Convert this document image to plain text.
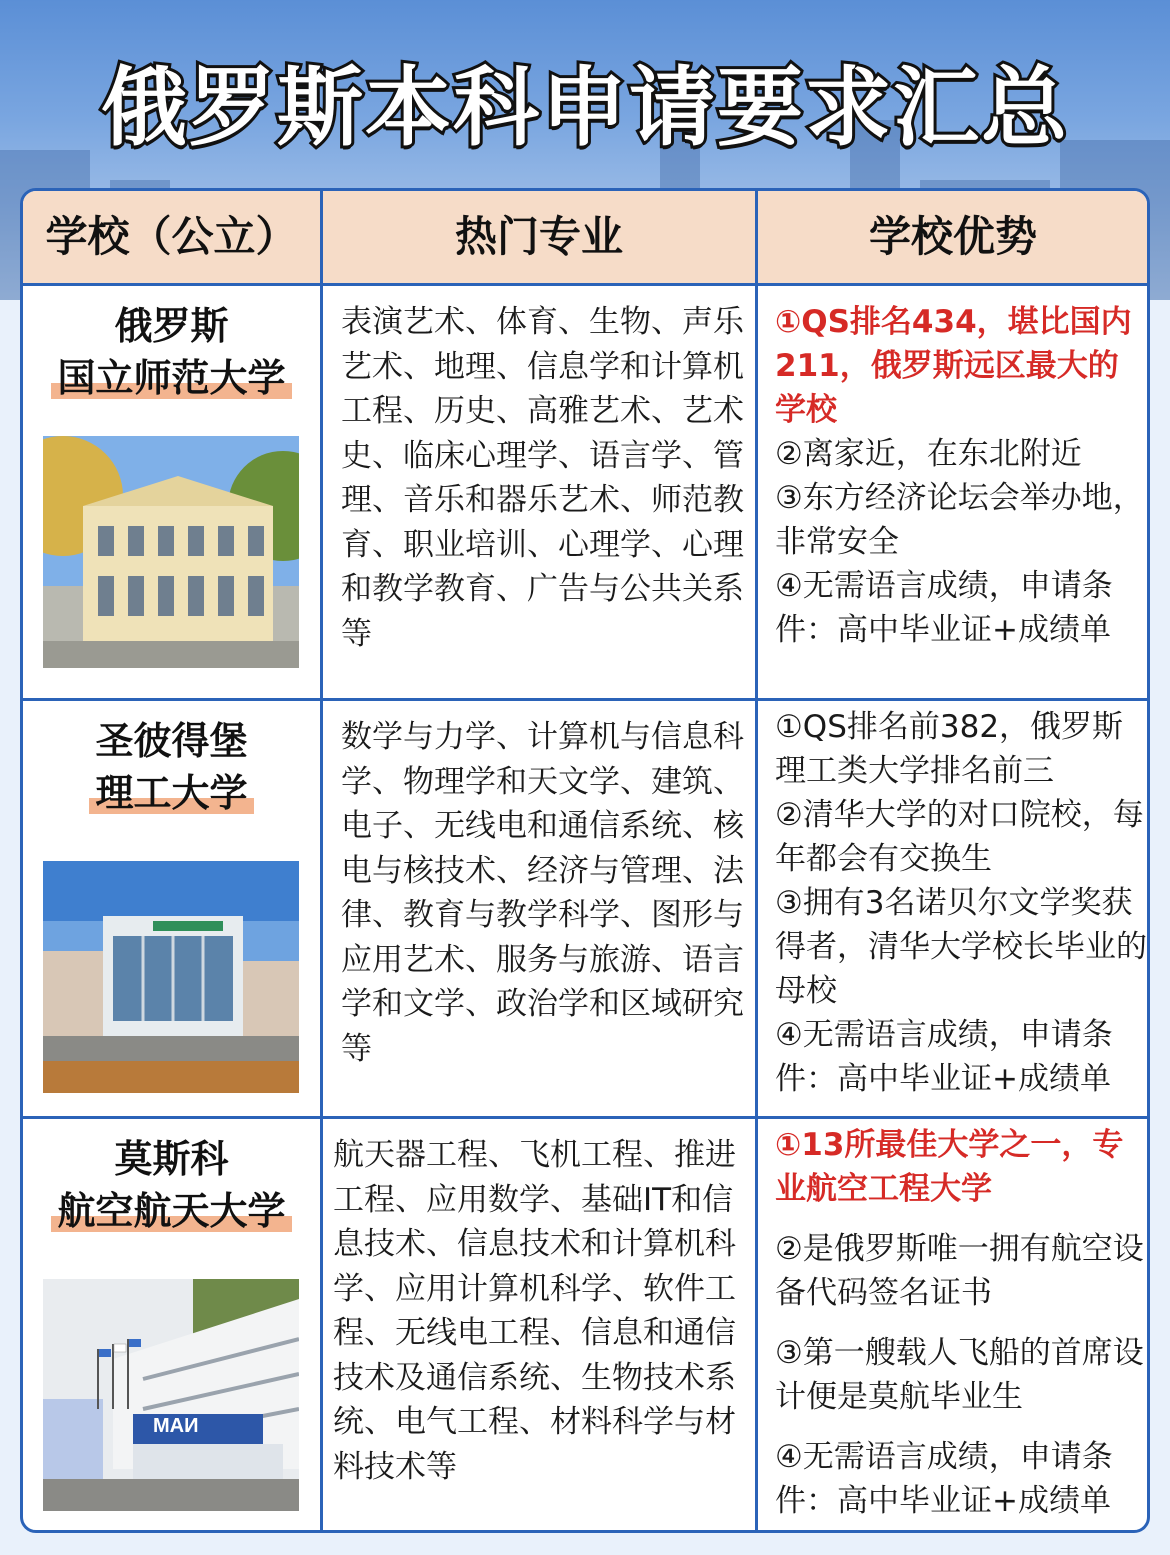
俄罗斯本科申请要求汇总
学校（公立）	热门专业	学校优势
俄罗斯
国立师范大学
表演艺术、体育、生物、声乐艺术、地理、信息学和计算机工程、历史、高雅艺术、艺术史、临床心理学、语言学、管理、音乐和器乐艺术、师范教育、职业培训、心理学、心理和教学教育、广告与公共关系等

①QS排名434，堪比国内211，俄罗斯远区最大的学校

②离家近，在东北附近

③东方经济论坛会举办地，非常安全

④无需语言成绩，申请条件：高中毕业证+成绩单

圣彼得堡
理工大学
数学与力学、计算机与信息科学、物理学和天文学、建筑、电子、无线电和通信系统、核电与核技术、经济与管理、法律、教育与教学科学、图形与应用艺术、服务与旅游、语言学和文学、政治学和区域研究等

①QS排名前382，俄罗斯理工类大学排名前三

②清华大学的对口院校，每年都会有交换生

③拥有3名诺贝尔文学奖获得者，清华大学校长毕业的母校

④无需语言成绩，申请条件：高中毕业证+成绩单

莫斯科
航空航天大学
МАИ
航天器工程、飞机工程、推进工程、应用数学、基础IT和信息技术、信息技术和计算机科学、应用计算机科学、软件工程、无线电工程、信息和通信技术及通信系统、生物技术系统、电气工程、材料科学与材料技术等

①13所最佳大学之一，专业航空工程大学

②是俄罗斯唯一拥有航空设备代码签名证书

③第一艘载人飞船的首席设计便是莫航毕业生

④无需语言成绩，申请条件：高中毕业证+成绩单
